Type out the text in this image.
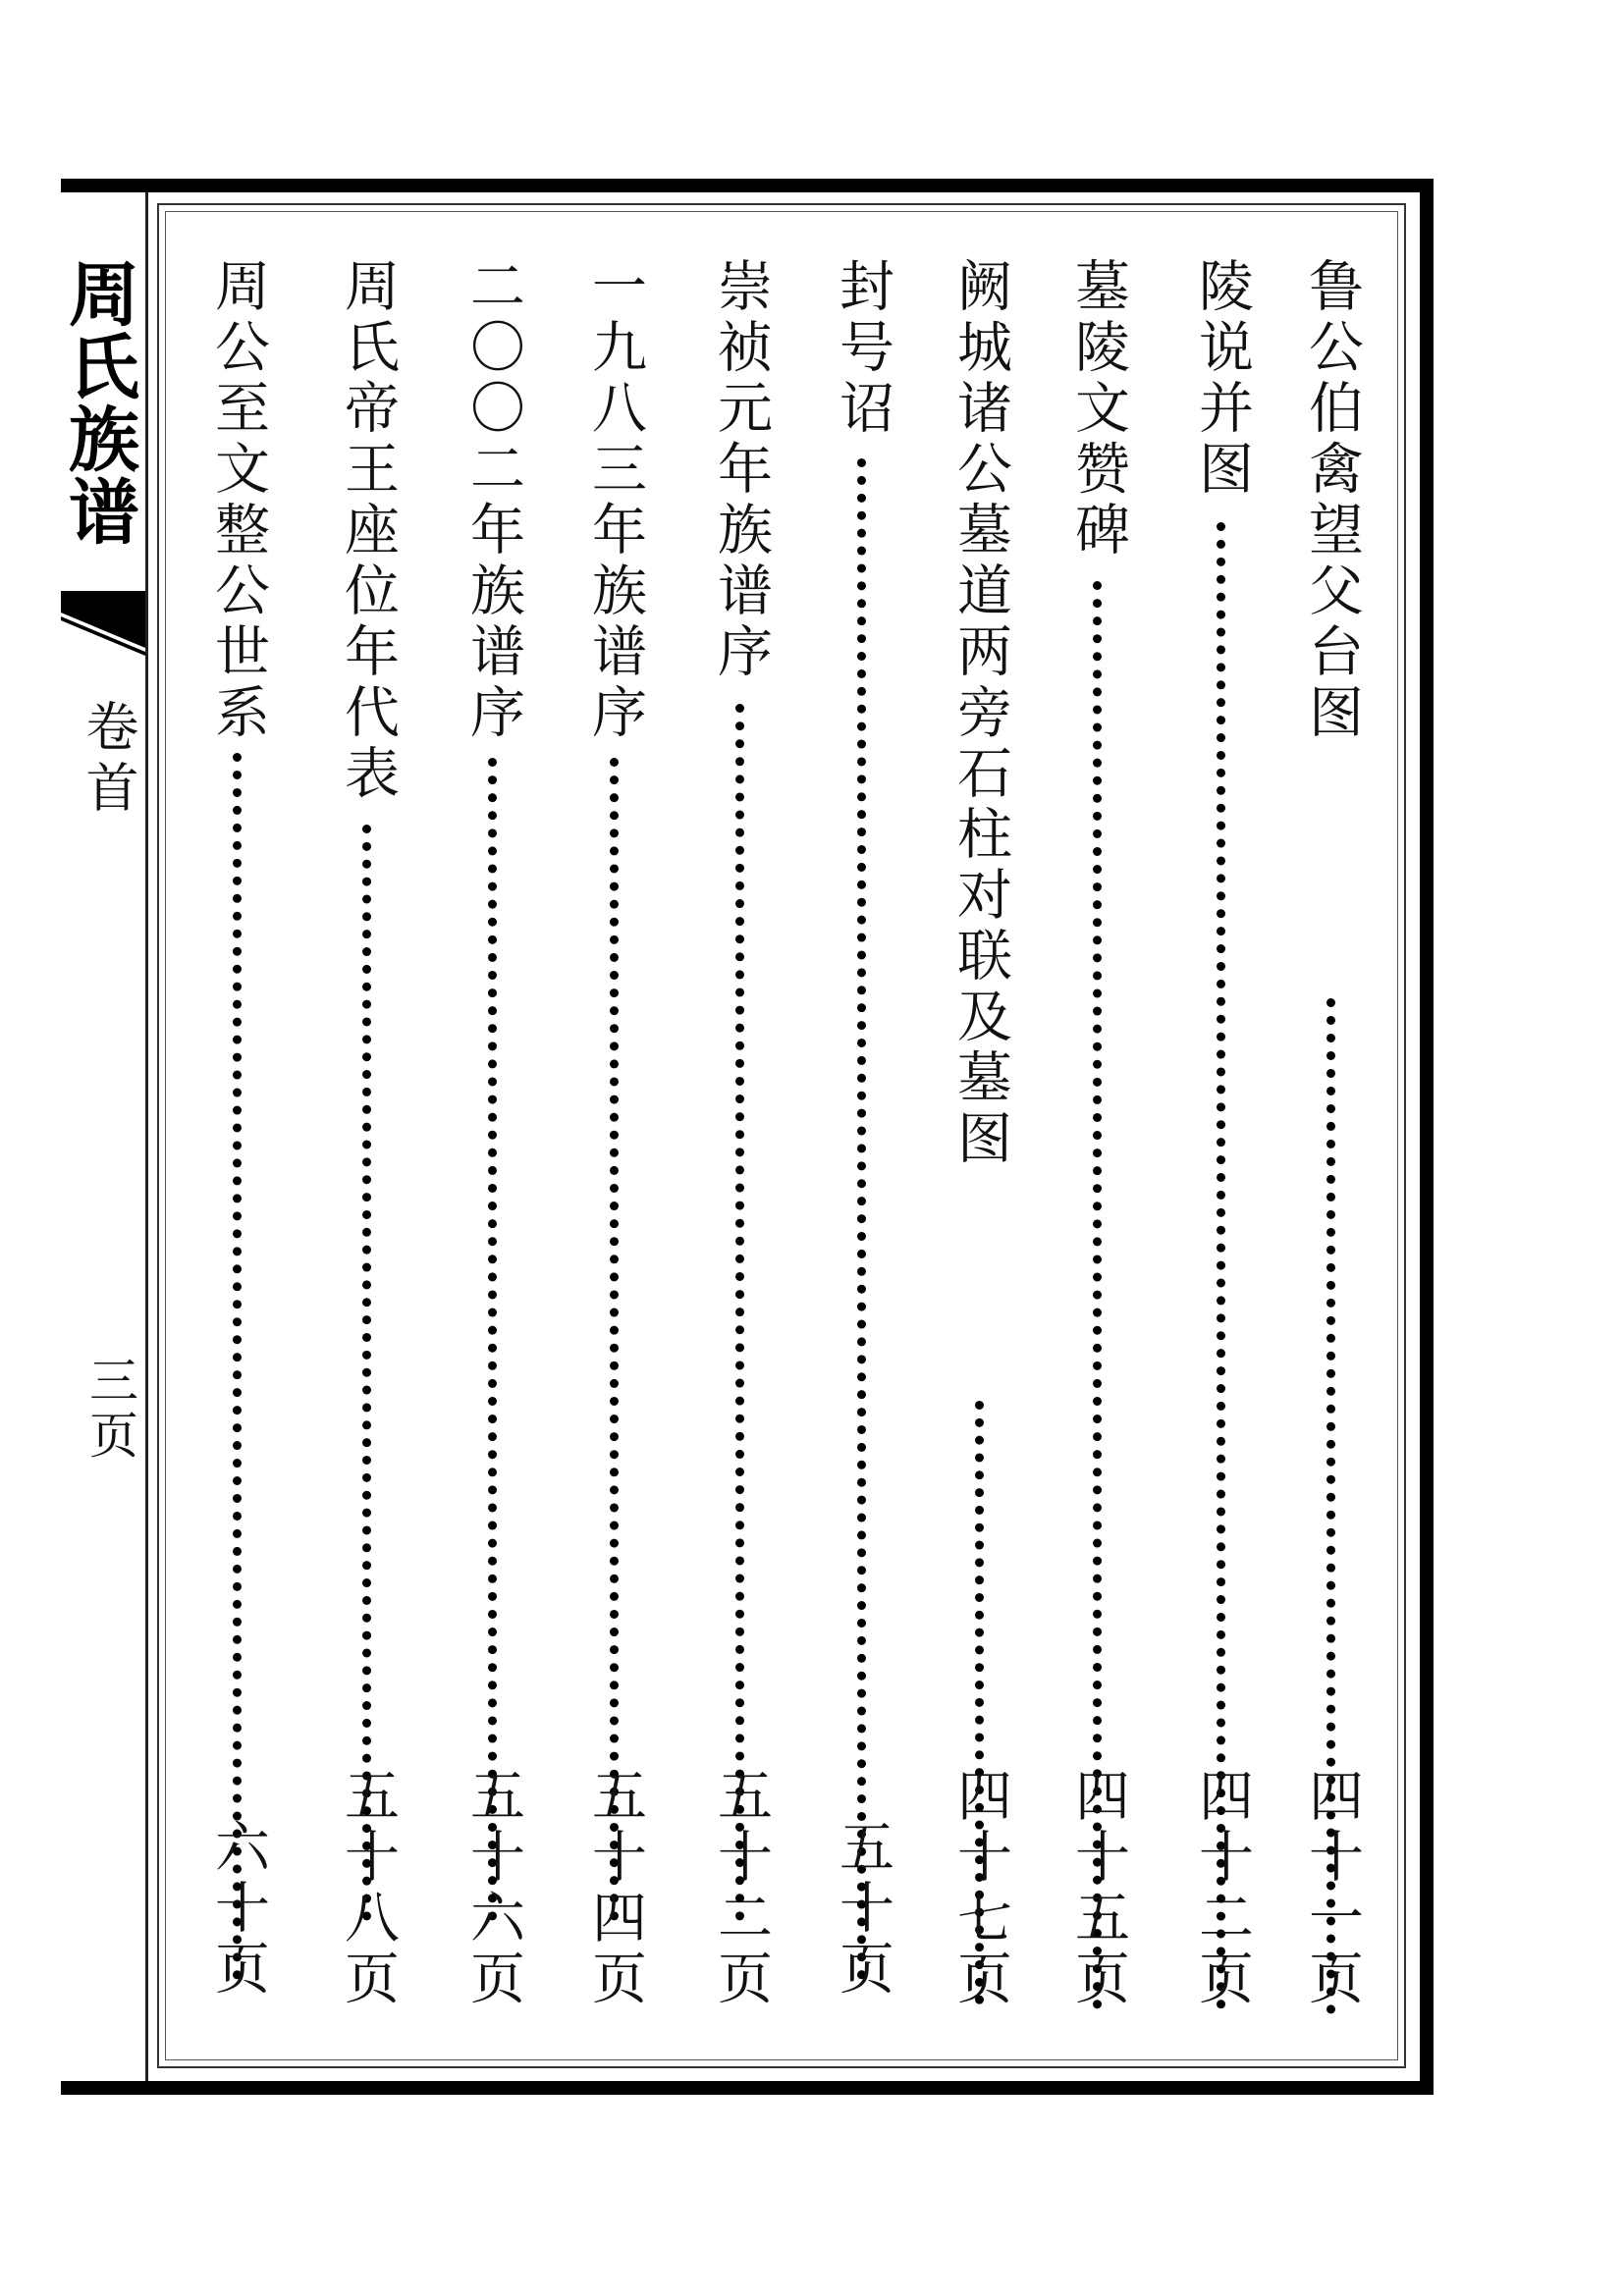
周氏族谱
卷首
三页
鲁公伯禽望父台图
四十一页
陵说并图
四十二页
墓陵文赞碑
四十五页
阙城诸公墓道两旁石柱对联及墓图
四十七页
封号诏
五十页
崇祯元年族谱序
五十二页
一九八三年族谱序
五十四页
二〇〇二年族谱序
五十六页
周氏帝王座位年代表
五十八页
周公至文整公世系
六十页
